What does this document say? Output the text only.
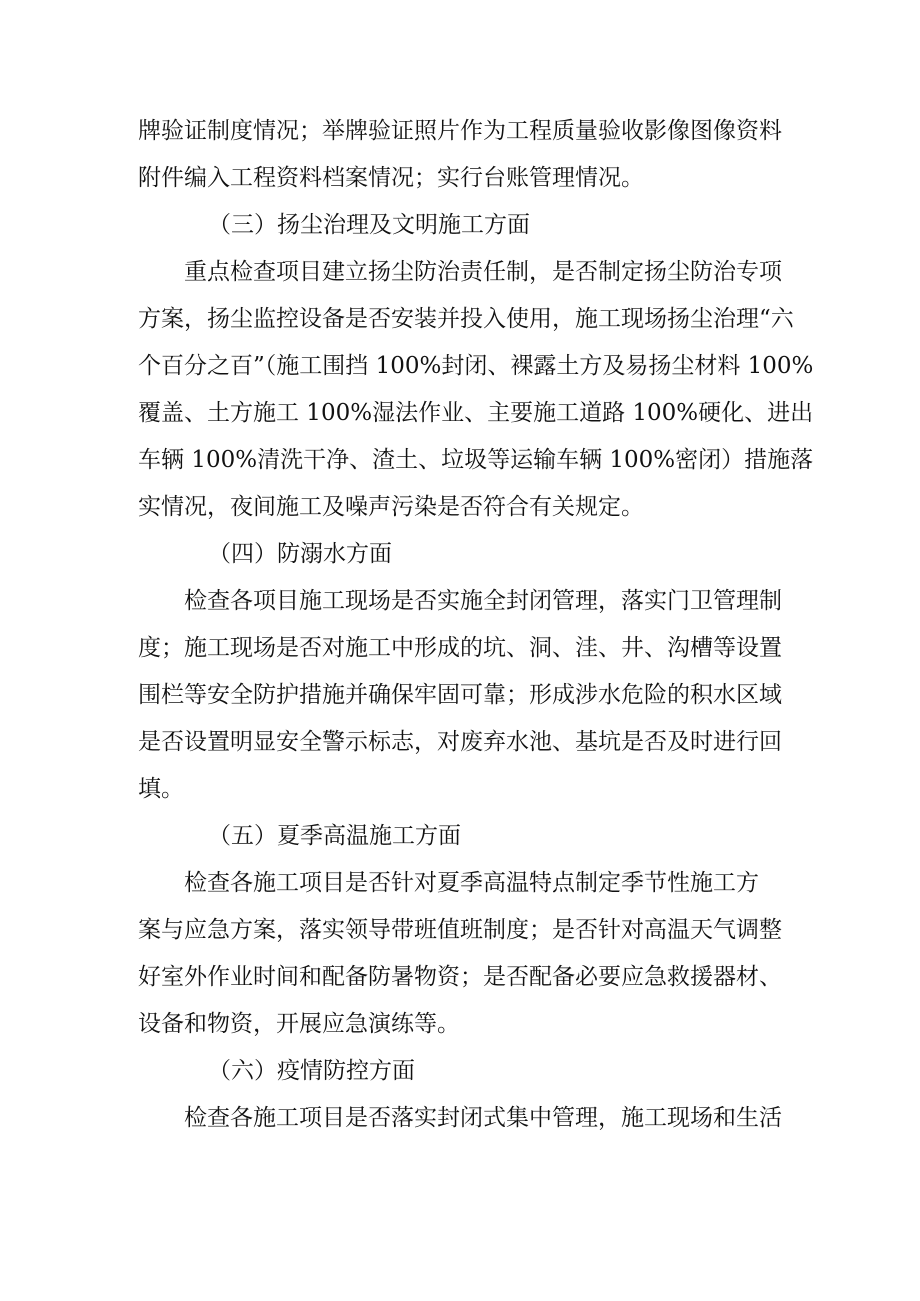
牌验证制度情况；举牌验证照片作为工程质量验收影像图像资料
附件编入工程资料档案情况；实行台账管理情况。

（三）扬尘治理及文明施工方面

重点检查项目建立扬尘防治责任制，是否制定扬尘防治专项
方案，扬尘监控设备是否安装并投入使用，施工现场扬尘治理“六
个百分之百”（施工围挡 100%封闭、裸露土方及易扬尘材料 100%
覆盖、土方施工 100%湿法作业、主要施工道路 100%硬化、进出
车辆 100%清洗干净、渣土、垃圾等运输车辆 100%密闭）措施落
实情况，夜间施工及噪声污染是否符合有关规定。

（四）防溺水方面

检查各项目施工现场是否实施全封闭管理，落实门卫管理制
度；施工现场是否对施工中形成的坑、洞、洼、井、沟槽等设置
围栏等安全防护措施并确保牢固可靠；形成涉水危险的积水区域
是否设置明显安全警示标志，对废弃水池、基坑是否及时进行回
填。

（五）夏季高温施工方面

检查各施工项目是否针对夏季高温特点制定季节性施工方
案与应急方案，落实领导带班值班制度；是否针对高温天气调整
好室外作业时间和配备防暑物资；是否配备必要应急救援器材、
设备和物资，开展应急演练等。

（六）疫情防控方面

检查各施工项目是否落实封闭式集中管理，施工现场和生活
